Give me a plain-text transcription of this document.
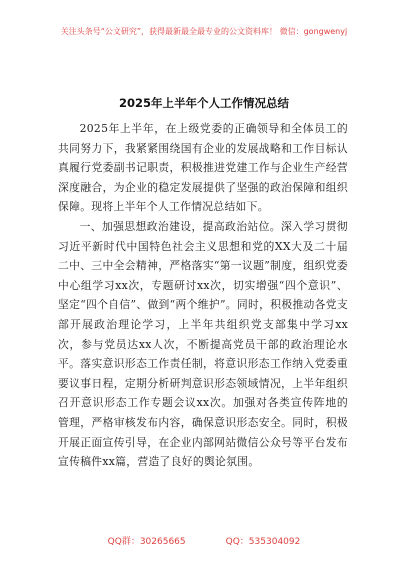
关注头条号“公文研究”，获得最新最全最专业的公文资料库！ 微信：gongwenyj
2025年上半年个人工作情况总结

2025年上半年，在上级党委的正确领导和全体员工的共同努力下，我紧紧围绕国有企业的发展战略和工作目标认真履行党委副书记职责，积极推进党建工作与企业生产经营深度融合，为企业的稳定发展提供了坚强的政治保障和组织保障。现将上半年个人工作情况总结如下。

一、加强思想政治建设，提高政治站位。深入学习贯彻习近平新时代中国特色社会主义思想和党的XX大及二十届二中、三中全会精神，严格落实“第一议题”制度，组织党委中心组学习xx次，专题研讨xx次，切实增强“四个意识”、坚定“四个自信”、做到“两个维护”。同时，积极推动各党支部开展政治理论学习，上半年共组织党支部集中学习xx次，参与党员达xx人次，不断提高党员干部的政治理论水平。落实意识形态工作责任制，将意识形态工作纳入党委重要议事日程，定期分析研判意识形态领域情况，上半年组织召开意识形态工作专题会议xx次。加强对各类宣传阵地的管理，严格审核发布内容，确保意识形态安全。同时，积极开展正面宣传引导，在企业内部网站微信公众号等平台发布宣传稿件xx篇，营造了良好的舆论氛围。

QQ群：30265665	QQ：535304092
